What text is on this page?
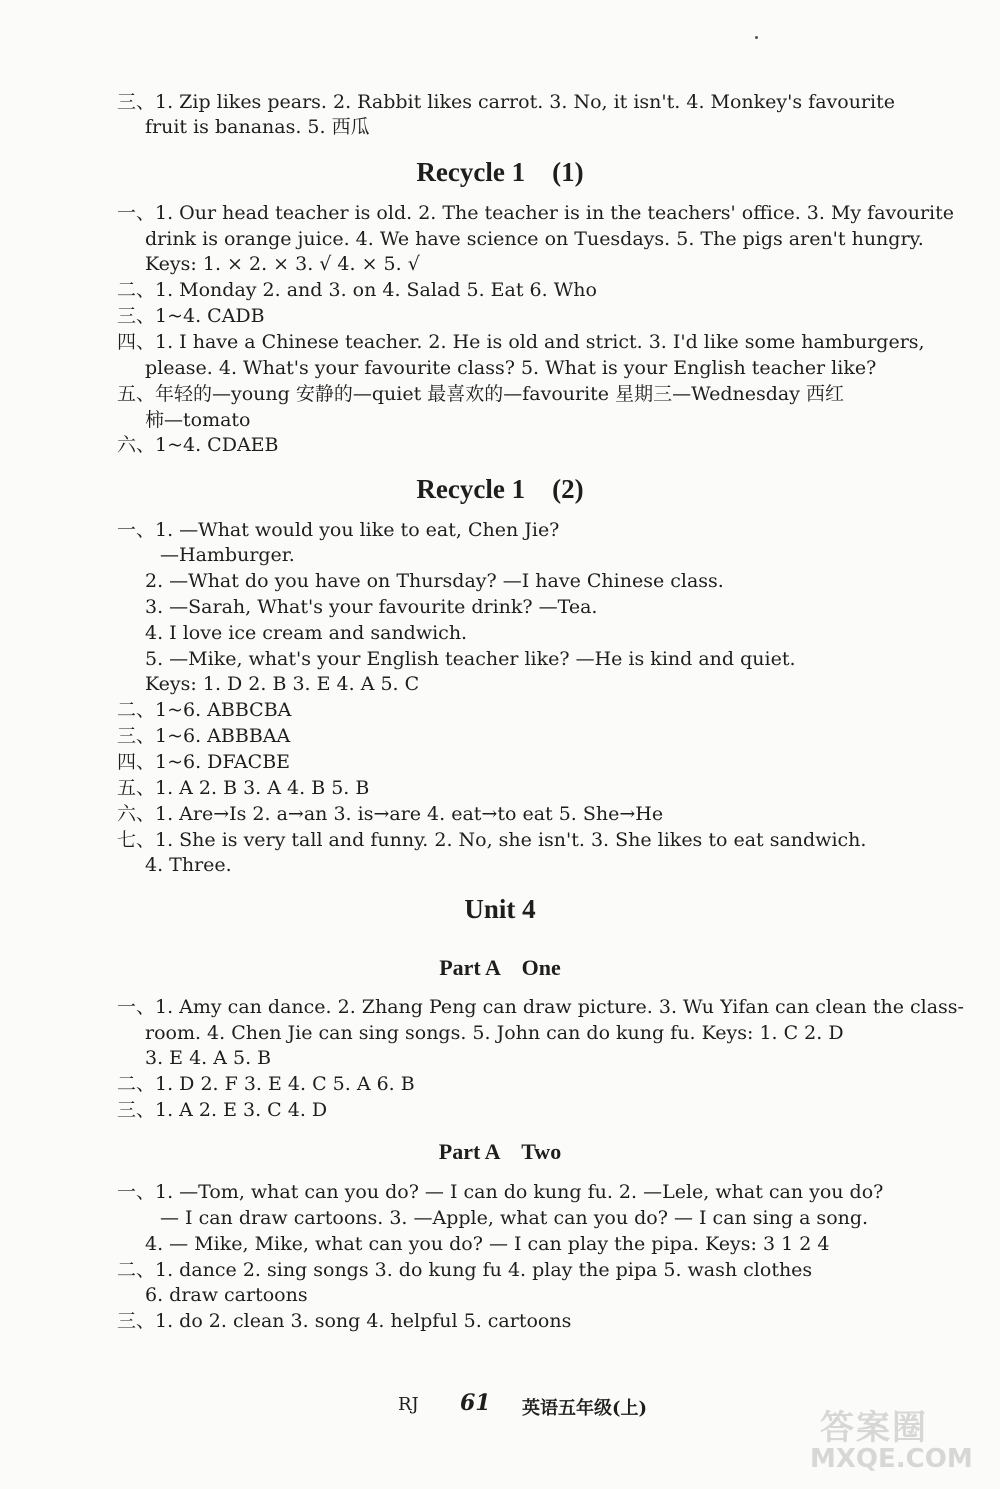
三、1. Zip likes pears. 2. Rabbit likes carrot. 3. No, it isn't. 4. Monkey's favourite
fruit is bananas. 5. 西瓜
Recycle 1　(1)
一、1. Our head teacher is old. 2. The teacher is in the teachers' office. 3. My favourite
drink is orange juice. 4. We have science on Tuesdays. 5. The pigs aren't hungry.
Keys: 1. × 2. × 3. √ 4. × 5. √
二、1. Monday 2. and 3. on 4. Salad 5. Eat 6. Who
三、1~4. CADB
四、1. I have a Chinese teacher. 2. He is old and strict. 3. I'd like some hamburgers,
please. 4. What's your favourite class? 5. What is your English teacher like?
五、年轻的—young 安静的—quiet 最喜欢的—favourite 星期三—Wednesday 西红
柿—tomato
六、1~4. CDAEB
Recycle 1　(2)
一、1. —What would you like to eat, Chen Jie?
—Hamburger.
2. —What do you have on Thursday? —I have Chinese class.
3. —Sarah, What's your favourite drink? —Tea.
4. I love ice cream and sandwich.
5. —Mike, what's your English teacher like? —He is kind and quiet.
Keys: 1. D 2. B 3. E 4. A 5. C
二、1~6. ABBCBA
三、1~6. ABBBAA
四、1~6. DFACBE
五、1. A 2. B 3. A 4. B 5. B
六、1. Are→Is 2. a→an 3. is→are 4. eat→to eat 5. She→He
七、1. She is very tall and funny. 2. No, she isn't. 3. She likes to eat sandwich.
4. Three.
Unit 4
Part A　One
一、1. Amy can dance. 2. Zhang Peng can draw picture. 3. Wu Yifan can clean the class-
room. 4. Chen Jie can sing songs. 5. John can do kung fu. Keys: 1. C 2. D
3. E 4. A 5. B
二、1. D 2. F 3. E 4. C 5. A 6. B
三、1. A 2. E 3. C 4. D
Part A　Two
一、1. —Tom, what can you do? — I can do kung fu. 2. —Lele, what can you do?
— I can draw cartoons. 3. —Apple, what can you do? — I can sing a song.
4. — Mike, Mike, what can you do? — I can play the pipa. Keys: 3 1 2 4
二、1. dance 2. sing songs 3. do kung fu 4. play the pipa 5. wash clothes
6. draw cartoons
三、1. do 2. clean 3. song 4. helpful 5. cartoons
RJ 61 英语五年级(上)	答案圈
MXQE.COM
